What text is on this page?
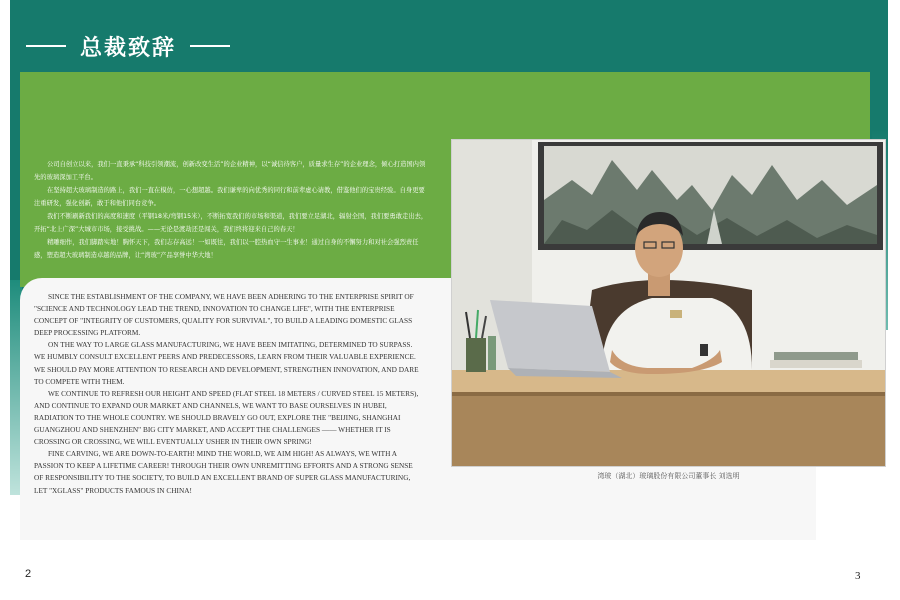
总裁致辞

公司自创立以来，我们一直秉承“科技引领潮流，创新改变生活”的企业精神，以“诚信待客户，质量求生存”的企业理念，倾心打造国内领先的玻璃深加工平台。

在坚持超大玻璃制造的路上，我们一直在模仿，一心想超越。我们谦卑的向优秀的同行和前辈虚心请教，借鉴他们的宝贵经验。自身更要注重研发，强化创新，敢于和他们同台竞争。

我们不断刷新我们的高度和速度（平钢18米/弯钢15米），不断拓宽我们的市场和渠道，我们要立足湖北，辐射全国，我们要勇敢走出去，开拓“北上广深”大城市市场，接受挑战。——无论是渡劫还是闯关，我们终将迎来自己的春天！

精雕细作，我们脚踏实地！胸怀天下，我们志存高远！一如既往，我们以一腔热血守一生事业！通过自身的不懈努力和对社会强烈责任感，塑造超大玻璃制造卓越的品牌，让“湾玻”产品享誉中华大地！

SINCE THE ESTABLISHMENT OF THE COMPANY, WE HAVE BEEN ADHERING TO THE ENTERPRISE SPIRIT OF "SCIENCE AND TECHNOLOGY LEAD THE TREND, INNOVATION TO CHANGE LIFE", WITH THE ENTERPRISE CONCEPT OF "INTEGRITY OF CUSTOMERS, QUALITY FOR SURVIVAL", TO BUILD A LEADING DOMESTIC GLASS DEEP PROCESSING PLATFORM.

ON THE WAY TO LARGE GLASS MANUFACTURING, WE HAVE BEEN IMITATING, DETERMINED TO SURPASS. WE HUMBLY CONSULT EXCELLENT PEERS AND PREDECESSORS, LEARN FROM THEIR VALUABLE EXPERIENCE. WE SHOULD PAY MORE ATTENTION TO RESEARCH AND DEVELOPMENT, STRENGTHEN INNOVATION, AND DARE TO COMPETE WITH THEM.

WE CONTINUE TO REFRESH OUR HEIGHT AND SPEED (FLAT STEEL 18 METERS / CURVED STEEL 15 METERS), AND CONTINUE TO EXPAND OUR MARKET AND CHANNELS, WE WANT TO BASE OURSELVES IN HUBEI, RADIATION TO THE WHOLE COUNTRY. WE SHOULD BRAVELY GO OUT, EXPLORE THE "BEIJING, SHANGHAI GUANGZHOU AND SHENZHEN" BIG CITY MARKET, AND ACCEPT THE CHALLENGES —— WHETHER IT IS CROSSING OR CROSSING, WE WILL EVENTUALLY USHER IN THEIR OWN SPRING!

FINE CARVING, WE ARE DOWN-TO-EARTH! MIND THE WORLD, WE AIM HIGH! AS ALWAYS, WE WITH A PASSION TO KEEP A LIFETIME CAREER! THROUGH THEIR OWN UNREMITTING EFFORTS AND A STRONG SENSE OF RESPONSIBILITY TO THE SOCIETY, TO BUILD AN EXCELLENT BRAND OF SUPER GLASS MANUFACTURING, LET "XGLASS" PRODUCTS FAMOUS IN CHINA!

湾玻（湖北）玻璃股份有限公司董事长 刘选明
2	3
